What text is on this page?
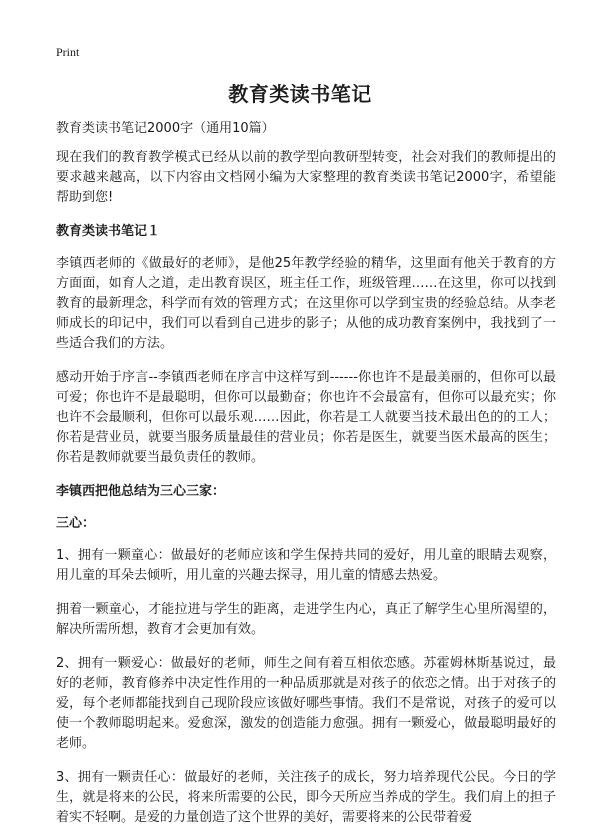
Print
教育类读书笔记
教育类读书笔记2000字（通用10篇）

现在我们的教育教学模式已经从以前的教学型向教研型转变，社会对我们的教师提出的要求越来越高，以下内容由文档网小编为大家整理的教育类读书笔记2000字，希望能帮助到您!

教育类读书笔记１

李镇西老师的《做最好的老师》，是他25年教学经验的精华，这里面有他关于教育的方方面面，如育人之道，走出教育误区，班主任工作，班级管理……在这里，你可以找到教育的最新理念，科学而有效的管理方式；在这里你可以学到宝贵的经验总结。从李老师成长的印记中，我们可以看到自己进步的影子；从他的成功教育案例中，我找到了一些适合我们的方法。

感动开始于序言--李镇西老师在序言中这样写到------你也许不是最美丽的，但你可以最可爱；你也许不是最聪明，但你可以最勤奋；你也许不会最富有，但你可以最充实；你也许不会最顺利，但你可以最乐观……因此，你若是工人就要当技术最出色的的工人；你若是营业员，就要当服务质量最佳的营业员；你若是医生，就要当医术最高的医生；你若是教师就要当最负责任的教师。

李镇西把他总结为三心三家：
三心：

1、拥有一颗童心：做最好的老师应该和学生保持共同的爱好，用儿童的眼睛去观察，用儿童的耳朵去倾听，用儿童的兴趣去探寻，用儿童的情感去热爱。

拥着一颗童心，才能拉进与学生的距离，走进学生内心，真正了解学生心里所渴望的，解决所需所想，教育才会更加有效。

2、拥有一颗爱心：做最好的老师，师生之间有着互相依恋感。苏霍姆林斯基说过，最好的老师，教育修养中决定性作用的一种品质那就是对孩子的依恋之情。出于对孩子的爱，每个老师都能找到自己现阶段应该做好哪些事情。我们不是常说，对孩子的爱可以使一个教师聪明起来。爱愈深，激发的创造能力愈强。拥有一颗爱心，做最聪明最好的老师。

3、拥有一颗责任心：做最好的老师，关注孩子的成长，努力培养现代公民。今日的学生，就是将来的公民，将来所需要的公民，即今天所应当养成的学生。我们肩上的担子着实不轻啊。是爱的力量创造了这个世界的美好，需要将来的公民带着爱
